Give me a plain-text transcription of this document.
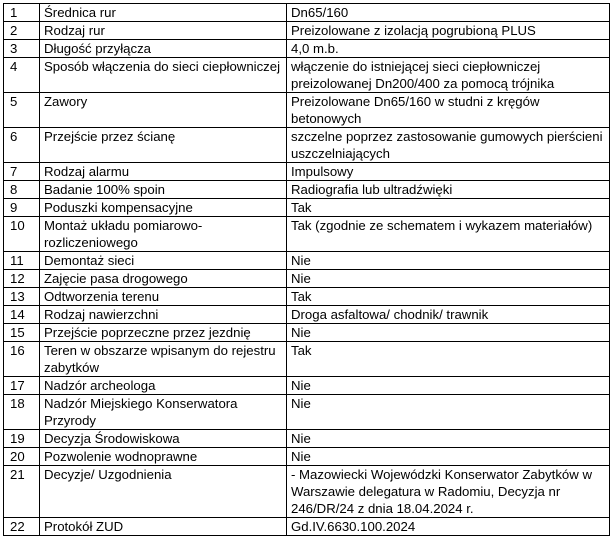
1	Średnica rur	Dn65/160
2	Rodzaj rur	Preizolowane z izolacją pogrubioną PLUS
3	Długość przyłącza	4,0 m.b.
4	Sposób włączenia do sieci ciepłowniczej	włączenie do istniejącej sieci ciepłowniczej preizolowanej Dn200/400 za pomocą trójnika
5	Zawory	Preizolowane Dn65/160 w studni z kręgów betonowych
6	Przejście przez ścianę	szczelne poprzez zastosowanie gumowych pierścieni uszczelniających
7	Rodzaj alarmu	Impulsowy
8	Badanie 100% spoin	Radiografia lub ultradźwięki
9	Poduszki kompensacyjne	Tak
10	Montaż układu pomiarowo-rozliczeniowego	Tak (zgodnie ze schematem i wykazem materiałów)
11	Demontaż sieci	Nie
12	Zajęcie pasa drogowego	Nie
13	Odtworzenia terenu	Tak
14	Rodzaj nawierzchni	Droga asfaltowa/ chodnik/ trawnik
15	Przejście poprzeczne przez jezdnię	Nie
16	Teren w obszarze wpisanym do rejestru zabytków	Tak
17	Nadzór archeologa	Nie
18	Nadzór Miejskiego Konserwatora Przyrody	Nie
19	Decyzja Środowiskowa	Nie
20	Pozwolenie wodnoprawne	Nie
21	Decyzje/ Uzgodnienia	- Mazowiecki Wojewódzki Konserwator Zabytków w Warszawie delegatura w Radomiu, Decyzja nr 246/DR/24 z dnia 18.04.2024 r.
22	Protokół ZUD	Gd.IV.6630.100.2024
